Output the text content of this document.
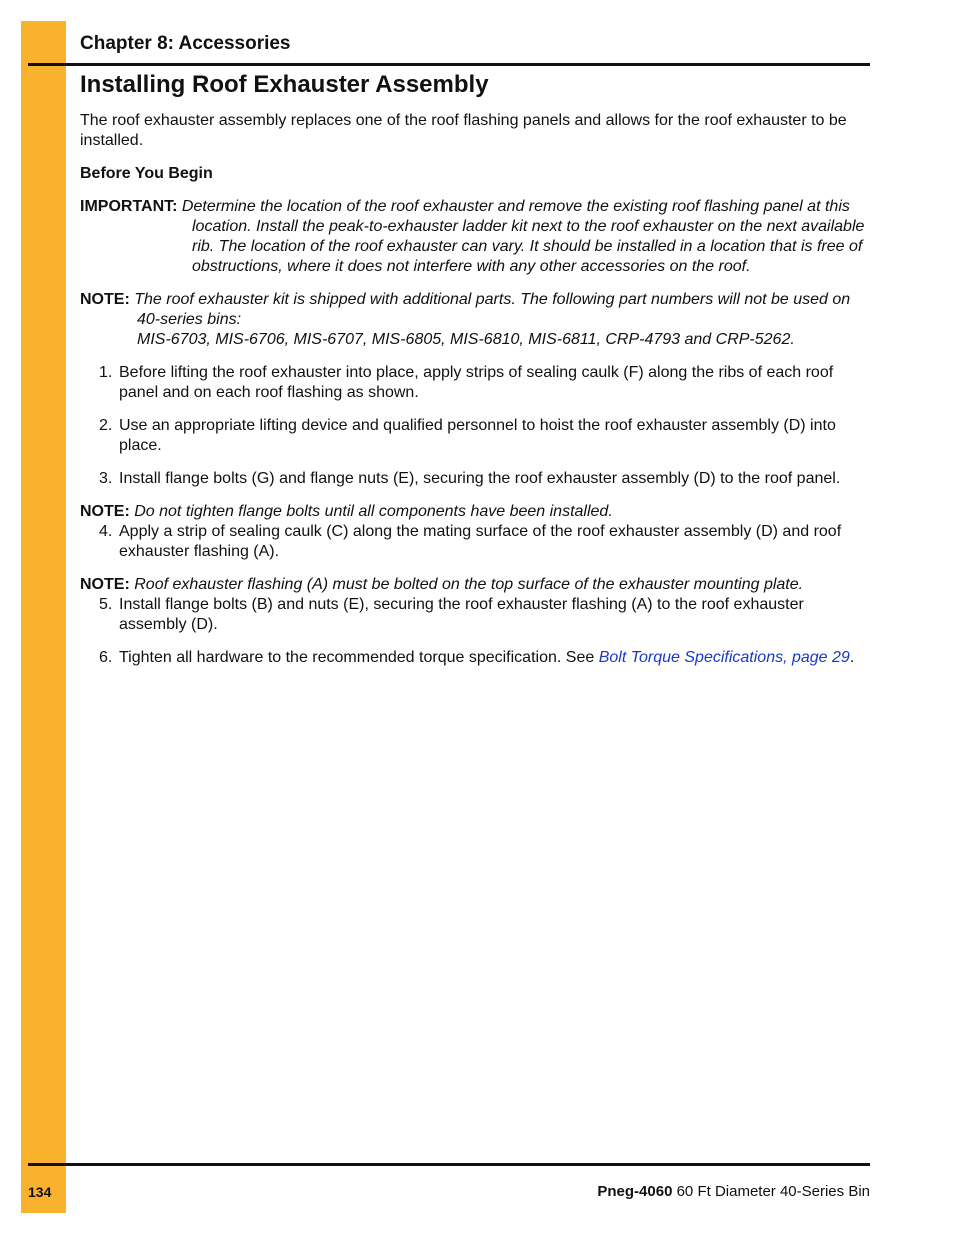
Chapter 8: Accessories
Installing Roof Exhauster Assembly

The roof exhauster assembly replaces one of the roof flashing panels and allows for the roof exhauster to be installed.

Before You Begin

IMPORTANT: Determine the location of the roof exhauster and remove the existing roof flashing panel at this location. Install the peak-to-exhauster ladder kit next to the roof exhauster on the next available rib. The location of the roof exhauster can vary. It should be installed in a location that is free of obstructions, where it does not interfere with any other accessories on the roof.

NOTE: The roof exhauster kit is shipped with additional parts. The following part numbers will not be used on 40-series bins:

MIS-6703, MIS-6706, MIS-6707, MIS-6805, MIS-6810, MIS-6811, CRP-4793 and CRP-5262.

1. Before lifting the roof exhauster into place, apply strips of sealing caulk (F) along the ribs of each roof panel and on each roof flashing as shown.
2. Use an appropriate lifting device and qualified personnel to hoist the roof exhauster assembly (D) into place.
3. Install flange bolts (G) and flange nuts (E), securing the roof exhauster assembly (D) to the roof panel.

NOTE: Do not tighten flange bolts until all components have been installed.

4. Apply a strip of sealing caulk (C) along the mating surface of the roof exhauster assembly (D) and roof exhauster flashing (A).

NOTE: Roof exhauster flashing (A) must be bolted on the top surface of the exhauster mounting plate.

5. Install flange bolts (B) and nuts (E), securing the roof exhauster flashing (A) to the roof exhauster assembly (D).
6. Tighten all hardware to the recommended torque specification. See Bolt Torque Specifications, page 29.
134	Pneg-4060 60 Ft Diameter 40-Series Bin
